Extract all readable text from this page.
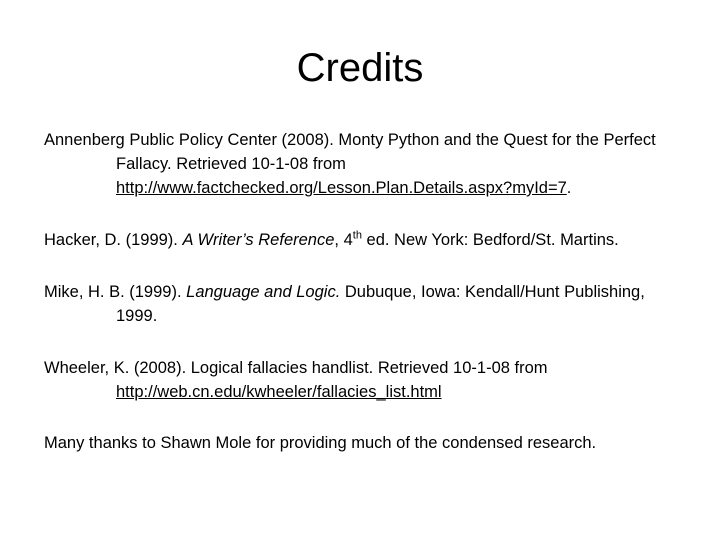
Credits

Annenberg Public Policy Center (2008). Monty Python and the Quest for the Perfect Fallacy. Retrieved 10-1-08 from http://www.factchecked.org/Lesson.Plan.Details.aspx?myId=7.

Hacker, D. (1999). A Writer’s Reference, 4th ed. New York: Bedford/St. Martins.

Mike, H. B. (1999). Language and Logic. Dubuque, Iowa: Kendall/Hunt Publishing, 1999.

Wheeler, K. (2008). Logical fallacies handlist. Retrieved 10-1-08 from http://web.cn.edu/kwheeler/fallacies_list.html

Many thanks to Shawn Mole for providing much of the condensed research.
